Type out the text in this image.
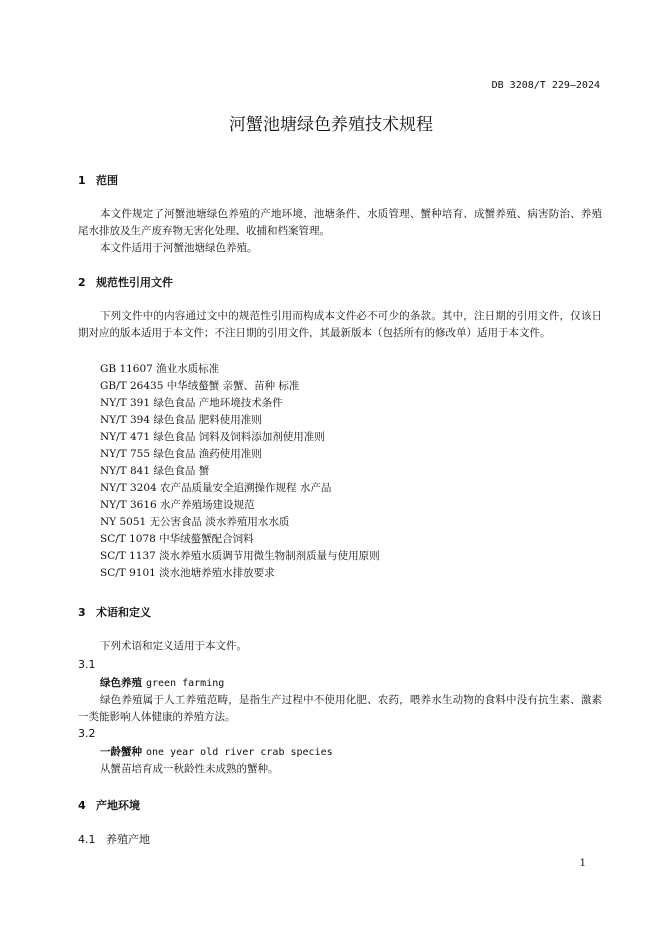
DB 3208/T 229—2024
河蟹池塘绿色养殖技术规程
1 范围
本文件规定了河蟹池塘绿色养殖的产地环境、池塘条件、水质管理、蟹种培育、成蟹养殖、病害防治、养殖尾水排放及生产废弃物无害化处理、收捕和档案管理。
本文件适用于河蟹池塘绿色养殖。
2 规范性引用文件
下列文件中的内容通过文中的规范性引用而构成本文件必不可少的条款。其中，注日期的引用文件，仅该日期对应的版本适用于本文件；不注日期的引用文件，其最新版本（包括所有的修改单）适用于本文件。
GB 11607 渔业水质标准
GB/T 26435 中华绒螯蟹 亲蟹、苗种 标准
NY/T 391 绿色食品 产地环境技术条件
NY/T 394 绿色食品 肥料使用准则
NY/T 471 绿色食品 饲料及饲料添加剂使用准则
NY/T 755 绿色食品 渔药使用准则
NY/T 841 绿色食品 蟹
NY/T 3204 农产品质量安全追溯操作规程 水产品
NY/T 3616 水产养殖场建设规范
NY 5051 无公害食品 淡水养殖用水水质
SC/T 1078 中华绒螯蟹配合饲料
SC/T 1137 淡水养殖水质调节用微生物制剂质量与使用原则
SC/T 9101 淡水池塘养殖水排放要求
3 术语和定义
下列术语和定义适用于本文件。
3.1
绿色养殖 green farming
绿色养殖属于人工养殖范畴，是指生产过程中不使用化肥、农药，喂养水生动物的食料中没有抗生素、激素一类能影响人体健康的养殖方法。
3.2
一龄蟹种 one year old river crab species
从蟹苗培育成一秋龄性未成熟的蟹种。
4 产地环境
4.1 养殖产地
1
